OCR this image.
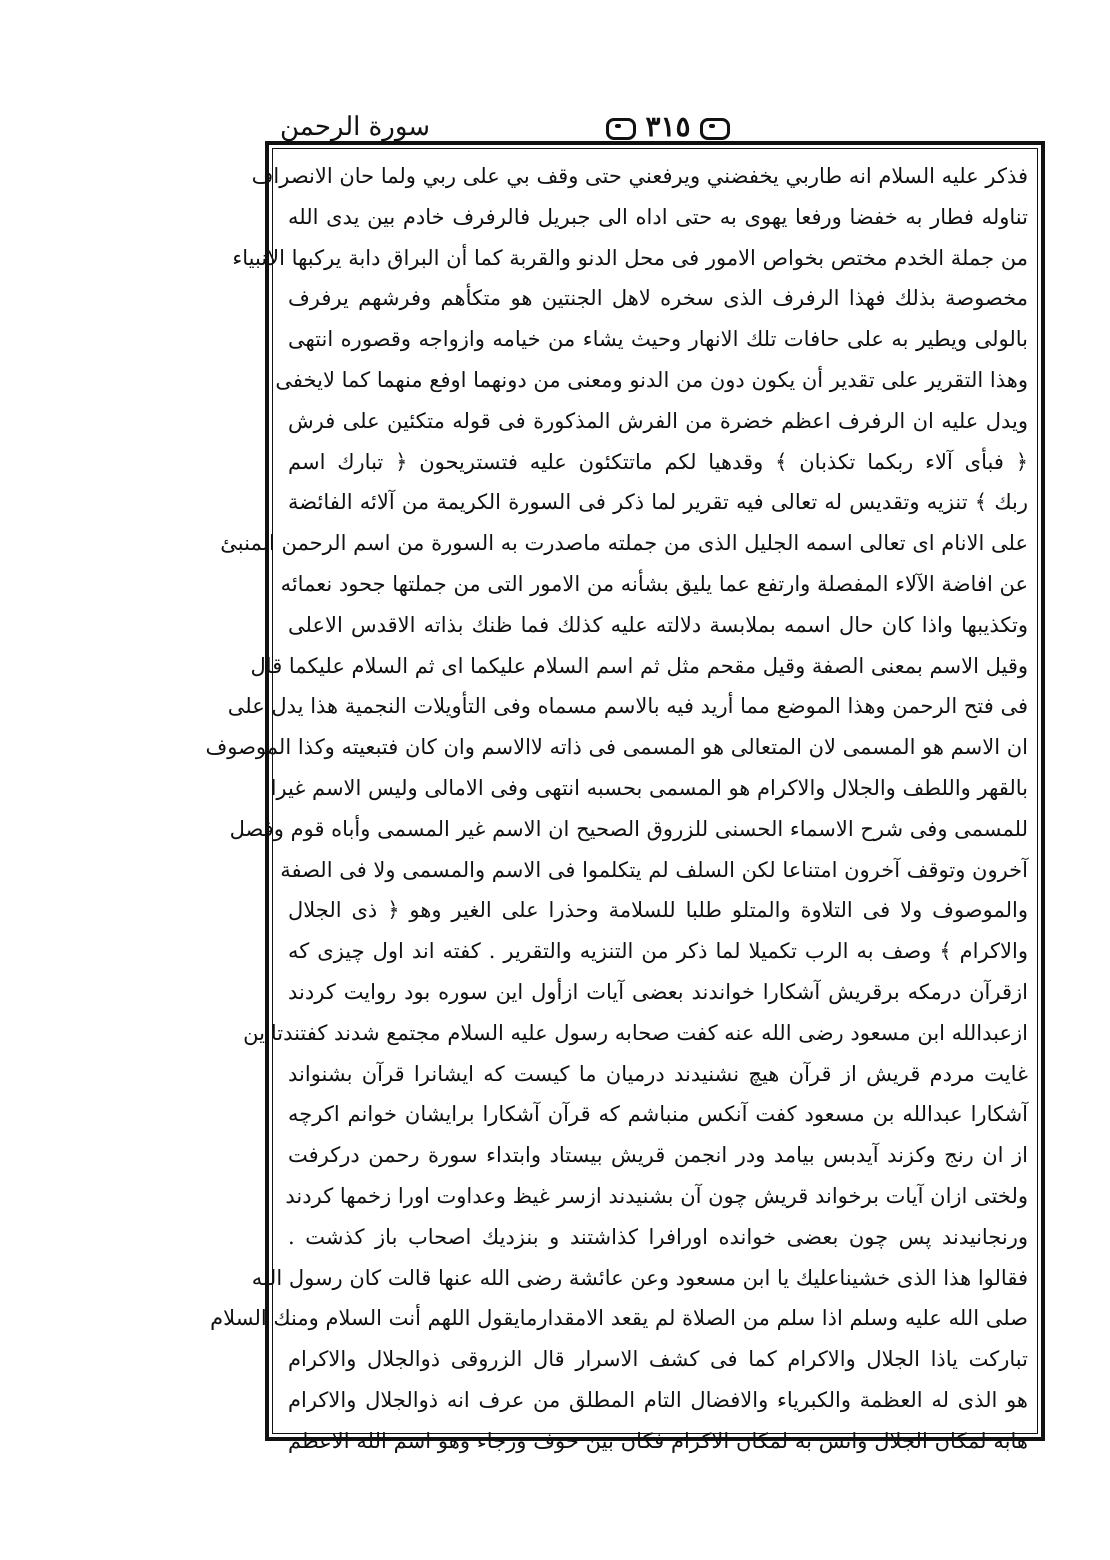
سورة الرحمن	٣١٥
فذكر عليه السلام انه طاربي يخفضني ويرفعني حتى وقف بي على ربي ولما حان الانصراف
تناوله فطار به خفضا ورفعا يهوى به حتى اداه الى جبريل فالرفرف خادم بين يدى الله
من جملة الخدم مختص بخواص الامور فى محل الدنو والقربة كما أن البراق دابة يركبها الانبياء
مخصوصة بذلك فهذا الرفرف الذى سخره لاهل الجنتين هو متكأهم وفرشهم يرفرف
بالولى ويطير به على حافات تلك الانهار وحيث يشاء من خيامه وازواجه وقصوره انتهى
وهذا التقرير على تقدير أن يكون دون من الدنو ومعنى من دونهما اوفع منهما كما لايخفى
ويدل عليه ان الرفرف اعظم خضرة من الفرش المذكورة فى قوله متكئين على فرش
﴿ فبأى آلاء ربكما تكذبان ﴾ وقدهيا لكم ماتتكئون عليه فتستريحون ﴿ تبارك اسم
ربك ﴾ تنزيه وتقديس له تعالى فيه تقرير لما ذكر فى السورة الكريمة من آلائه الفائضة
على الانام اى تعالى اسمه الجليل الذى من جملته ماصدرت به السورة من اسم الرحمن المنبئ
عن افاضة الآلاء المفصلة وارتفع عما يليق بشأنه من الامور التى من جملتها جحود نعمائه
وتكذيبها واذا كان حال اسمه بملابسة دلالته عليه كذلك فما ظنك بذاته الاقدس الاعلى
وقيل الاسم بمعنى الصفة وقيل مقحم مثل ثم اسم السلام عليكما اى ثم السلام عليكما قال
فى فتح الرحمن وهذا الموضع مما أريد فيه بالاسم مسماه وفى التأويلات النجمية هذا يدل على
ان الاسم هو المسمى لان المتعالى هو المسمى فى ذاته لاالاسم وان كان فتبعيته وكذا الموصوف
بالقهر واللطف والجلال والاكرام هو المسمى بحسبه انتهى وفى الامالى وليس الاسم غيرا
للمسمى وفى شرح الاسماء الحسنى للزروق الصحيح ان الاسم غير المسمى وأباه قوم وفصل
آخرون وتوقف آخرون امتناعا لكن السلف لم يتكلموا فى الاسم والمسمى ولا فى الصفة
والموصوف ولا فى التلاوة والمتلو طلبا للسلامة وحذرا على الغير وهو ﴿ ذى الجلال
والاكرام ﴾ وصف به الرب تكميلا لما ذكر من التنزيه والتقرير . كفته اند اول چيزى كه
ازقرآن درمكه برقريش آشكارا خواندند بعضى آيات ازأول اين سوره بود روايت كردند
ازعبدالله ابن مسعود رضى الله عنه كفت صحابه رسول عليه السلام مجتمع شدند كفتندتااين
غايت مردم قريش از قرآن هيچ نشنيدند درميان ما كيست كه ايشانرا قرآن بشنواند
آشكارا عبدالله بن مسعود كفت آنكس منباشم كه قرآن آشكارا برايشان خوانم اكرچه
از ان رنج وكزند آيدبس بيامد ودر انجمن قريش بيستاد وابتداء سورة رحمن دركرفت
ولختى ازان آيات برخواند قريش چون آن بشنيدند ازسر غيظ وعداوت اورا زخمها كردند
ورنجانيدند پس چون بعضى خوانده اورافرا كذاشتند و بنزديك اصحاب باز كذشت .
فقالوا هذا الذى خشيناعليك يا ابن مسعود وعن عائشة رضى الله عنها قالت كان رسول الله
صلى الله عليه وسلم اذا سلم من الصلاة لم يقعد الامقدارمايقول اللهم أنت السلام ومنك السلام
تباركت ياذا الجلال والاكرام كما فى كشف الاسرار قال الزروقى ذوالجلال والاكرام
هو الذى له العظمة والكبرياء والافضال التام المطلق من عرف انه ذوالجلال والاكرام
هابه لمكان الجلال وانس به لمكان الاكرام فكان بين خوف ورجاء وهو اسم الله الاعظم
